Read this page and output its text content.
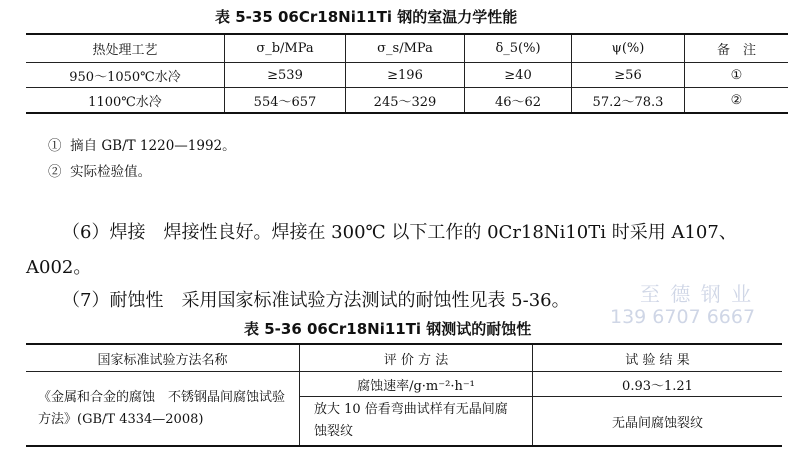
表 5-35 06Cr18Ni11Ti 钢的室温力学性能
热处理工艺	σ_b/MPa	σ_s/MPa	δ_5(%)	ψ(%)	备　注
950～1050℃水冷	≥539	≥196	≥40	≥56	①
1100℃水冷	554～657	245～329	46～62	57.2～78.3	②
① 摘自 GB/T 1220—1992。
② 实际检验值。
（6）焊接　焊接性良好。焊接在 300℃ 以下工作的 0Cr18Ni10Ti 时采用 A107、
A002。
（7）耐蚀性　采用国家标准试验方法测试的耐蚀性见表 5-36。	至 德 钢 业
139 6707 6667
表 5-36 06Cr18Ni11Ti 钢测试的耐蚀性
国家标准试验方法名称	评 价 方 法	试 验 结 果
《金属和合金的腐蚀　不锈钢晶间腐蚀试验方法》(GB/T 4334—2008)	腐蚀速率/g·m⁻²·h⁻¹	0.93～1.21
	放大 10 倍看弯曲试样有无晶间腐蚀裂纹	无晶间腐蚀裂纹
